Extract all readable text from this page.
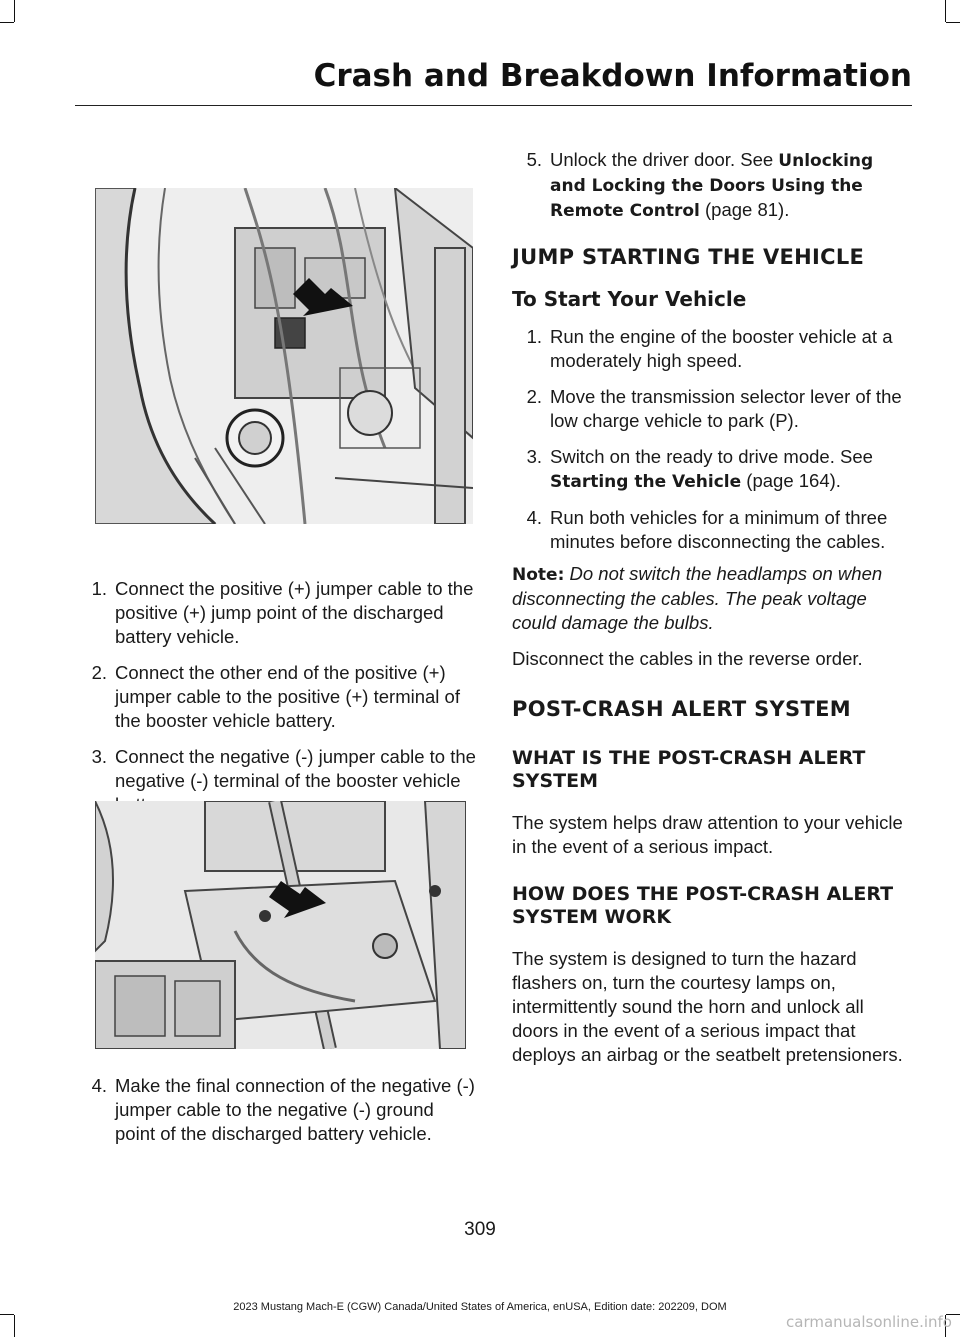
Crash and Breakdown Information
1. Connect the positive (+) jumper cable to the positive (+) jump point of the discharged battery vehicle.
2. Connect the other end of the positive (+) jumper cable to the positive (+) terminal of the booster vehicle battery.
3. Connect the negative (-) jumper cable to the negative (-) terminal of the booster vehicle
4. Make the final connection of the negative (-) jumper cable to the negative (-) ground point of the discharged battery vehicle.
5. Unlock the driver door. See Unlocking and Locking the Doors Using the Remote Control (page 81).
JUMP STARTING THE VEHICLE
To Start Your Vehicle
1. Run the engine of the booster vehicle at a moderately high speed.
2. Move the transmission selector lever of the low charge vehicle to park (P).
3. Switch on the ready to drive mode. See Starting the Vehicle (page 164).
4. Run both vehicles for a minimum of three minutes before disconnecting the cables.

Note: Do not switch the headlamps on when disconnecting the cables. The peak voltage could damage the bulbs.

Disconnect the cables in the reverse order.

POST-CRASH ALERT SYSTEM
WHAT IS THE POST-CRASH ALERT SYSTEM

The system helps draw attention to your vehicle in the event of a serious impact.

HOW DOES THE POST-CRASH ALERT SYSTEM WORK

The system is designed to turn the hazard flashers on, turn the courtesy lamps on, intermittently sound the horn and unlock all doors in the event of a serious impact that deploys an airbag or the seatbelt pretensioners.

309
2023 Mustang Mach-E (CGW) Canada/United States of America, enUSA, Edition date: 202209, DOM
carmanualsonline.info
